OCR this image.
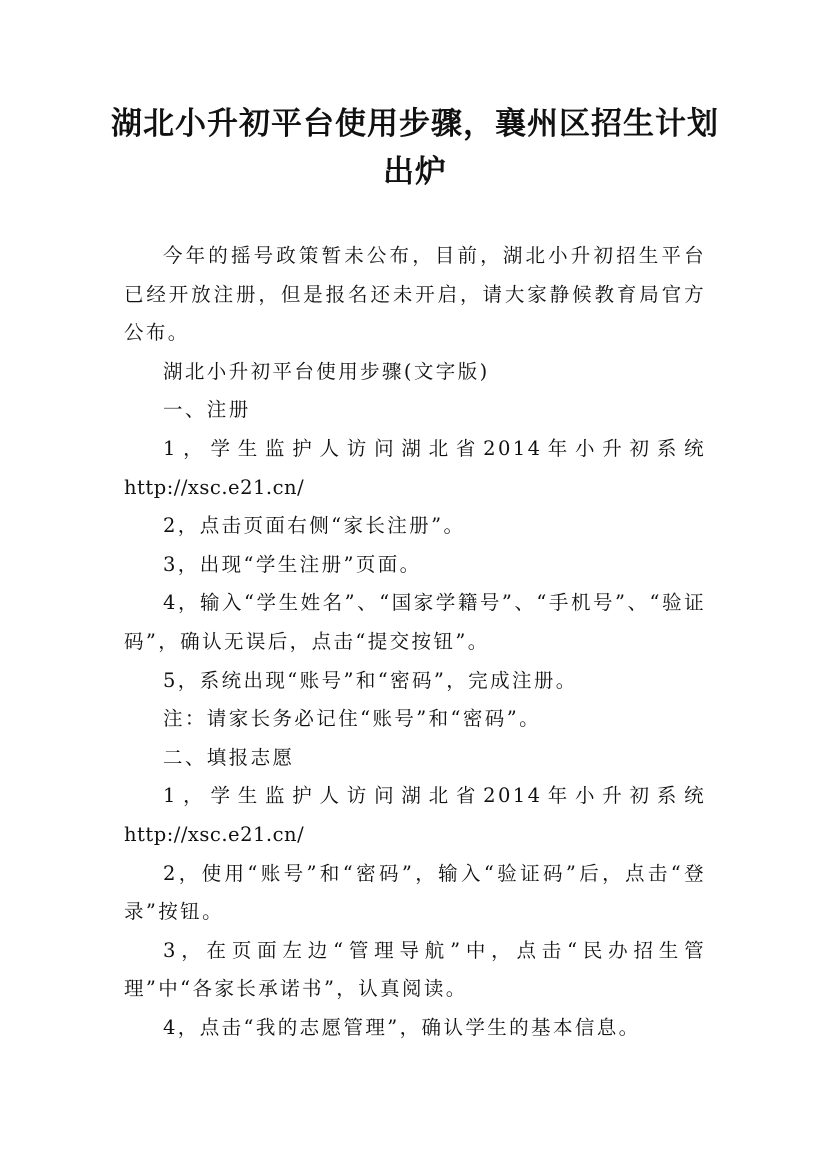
湖北小升初平台使用步骤，襄州区招生计划出炉

今年的摇号政策暂未公布，目前，湖北小升初招生平台已经开放注册，但是报名还未开启，请大家静候教育局官方公布。

湖北小升初平台使用步骤(文字版)

一、注册

1，学生监护人访问湖北省2014年小升初系统

http://xsc.e21.cn/

2，点击页面右侧“家长注册”。

3，出现“学生注册”页面。

4，输入“学生姓名”、“国家学籍号”、“手机号”、“验证码”，确认无误后，点击“提交按钮”。

5，系统出现“账号”和“密码”，完成注册。

注：请家长务必记住“账号”和“密码”。

二、填报志愿

1，学生监护人访问湖北省2014年小升初系统

http://xsc.e21.cn/

2，使用“账号”和“密码”，输入“验证码”后，点击“登录”按钮。

3，在页面左边“管理导航”中，点击“民办招生管理”中“各家长承诺书”，认真阅读。

4，点击“我的志愿管理”，确认学生的基本信息。
